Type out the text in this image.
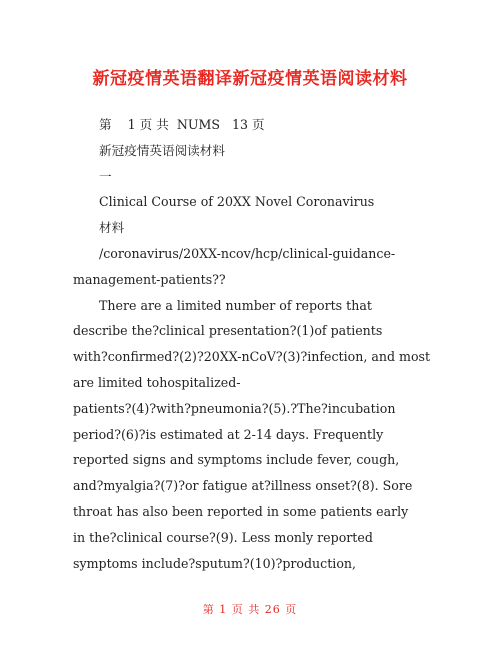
新冠疫情英语翻译新冠疫情英语阅读材料
第    1 页 共  NUMS   13 页
新冠疫情英语阅读材料
一
Clinical Course of 20XX Novel Coronavirus
材料
/coronavirus/20XX-ncov/hcp/clinical-guidance-
management-patients??
There are a limited number of reports that
describe the?clinical presentation?(1)of patients
with?confirmed?(2)?20XX-nCoV?(3)?infection, and most
are limited tohospitalized-
patients?(4)?with?pneumonia?(5).?The?incubation
period?(6)?is estimated at 2-14 days. Frequently
reported signs and symptoms include fever, cough,
and?myalgia?(7)?or fatigue at?illness onset?(8). Sore
throat has also been reported in some patients early
in the?clinical course?(9). Less monly reported
symptoms include?sputum?(10)?production,
第 1 页 共 26 页
